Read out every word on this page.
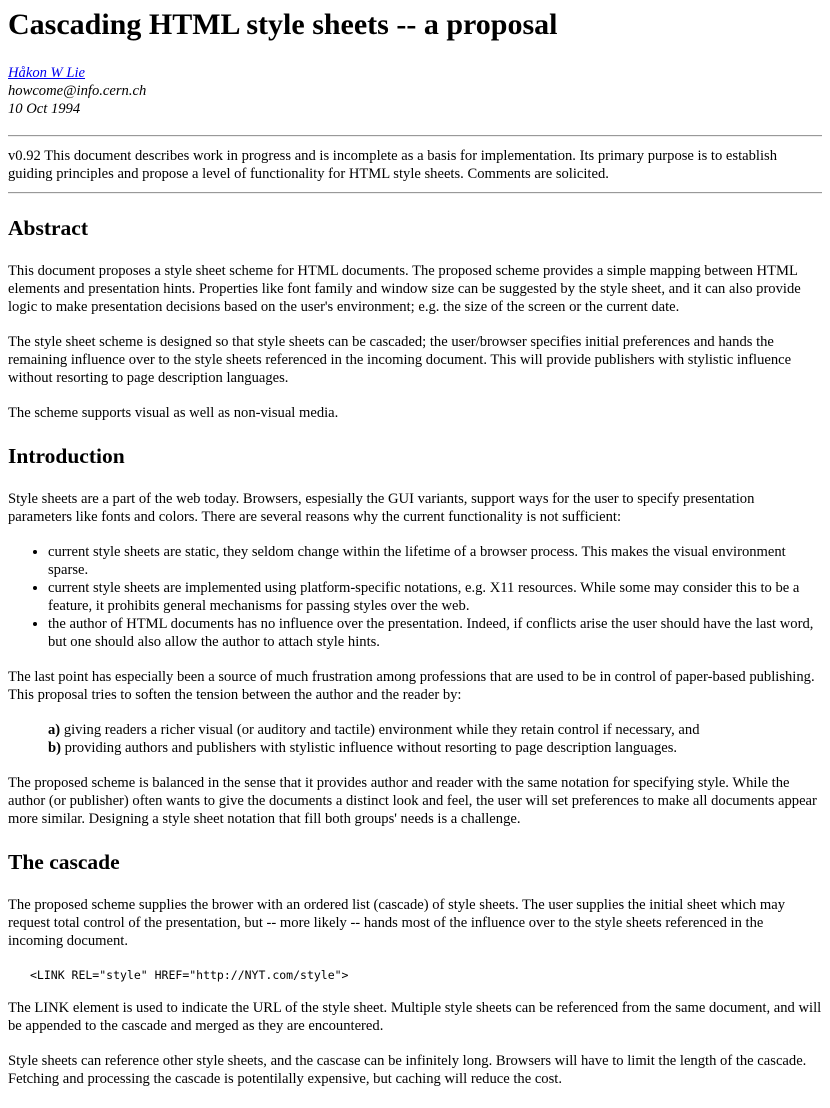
Cascading HTML style sheets -- a proposal
Håkon W Lie
howcome@info.cern.ch
10 Oct 1994
v0.92 This document describes work in progress and is incomplete as a basis for implementation. Its primary purpose is to establish guiding principles and propose a level of functionality for HTML style sheets. Comments are solicited.
Abstract

This document proposes a style sheet scheme for HTML documents. The proposed scheme provides a simple mapping between HTML elements and presentation hints. Properties like font family and window size can be suggested by the style sheet, and it can also provide logic to make presentation decisions based on the user's environment; e.g. the size of the screen or the current date.

The style sheet scheme is designed so that style sheets can be cascaded; the user/browser specifies initial preferences and hands the remaining influence over to the style sheets referenced in the incoming document. This will provide publishers with stylistic influence without resorting to page description languages.

The scheme supports visual as well as non-visual media.

Introduction

Style sheets are a part of the web today. Browsers, espesially the GUI variants, support ways for the user to specify presentation parameters like fonts and colors. There are several reasons why the current functionality is not sufficient:

• current style sheets are static, they seldom change within the lifetime of a browser process. This makes the visual environment sparse.
• current style sheets are implemented using platform-specific notations, e.g. X11 resources. While some may consider this to be a feature, it prohibits general mechanisms for passing styles over the web.
• the author of HTML documents has no influence over the presentation. Indeed, if conflicts arise the user should have the last word, but one should also allow the author to attach style hints.

The last point has especially been a source of much frustration among professions that are used to be in control of paper-based publishing. This proposal tries to soften the tension between the author and the reader by:

a) giving readers a richer visual (or auditory and tactile) environment while they retain control if necessary, and
b) providing authors and publishers with stylistic influence without resorting to page description languages.

The proposed scheme is balanced in the sense that it provides author and reader with the same notation for specifying style. While the author (or publisher) often wants to give the documents a distinct look and feel, the user will set preferences to make all documents appear more similar. Designing a style sheet notation that fill both groups' needs is a challenge.

The cascade

The proposed scheme supplies the brower with an ordered list (cascade) of style sheets. The user supplies the initial sheet which may request total control of the presentation, but -- more likely -- hands most of the influence over to the style sheets referenced in the incoming document.

<LINK REL="style" HREF="http://NYT.com/style">

The LINK element is used to indicate the URL of the style sheet. Multiple style sheets can be referenced from the same document, and will be appended to the cascade and merged as they are encountered.

Style sheets can reference other style sheets, and the cascase can be infinitely long. Browsers will have to limit the length of the cascade. Fetching and processing the cascade is potentilally expensive, but caching will reduce the cost.
